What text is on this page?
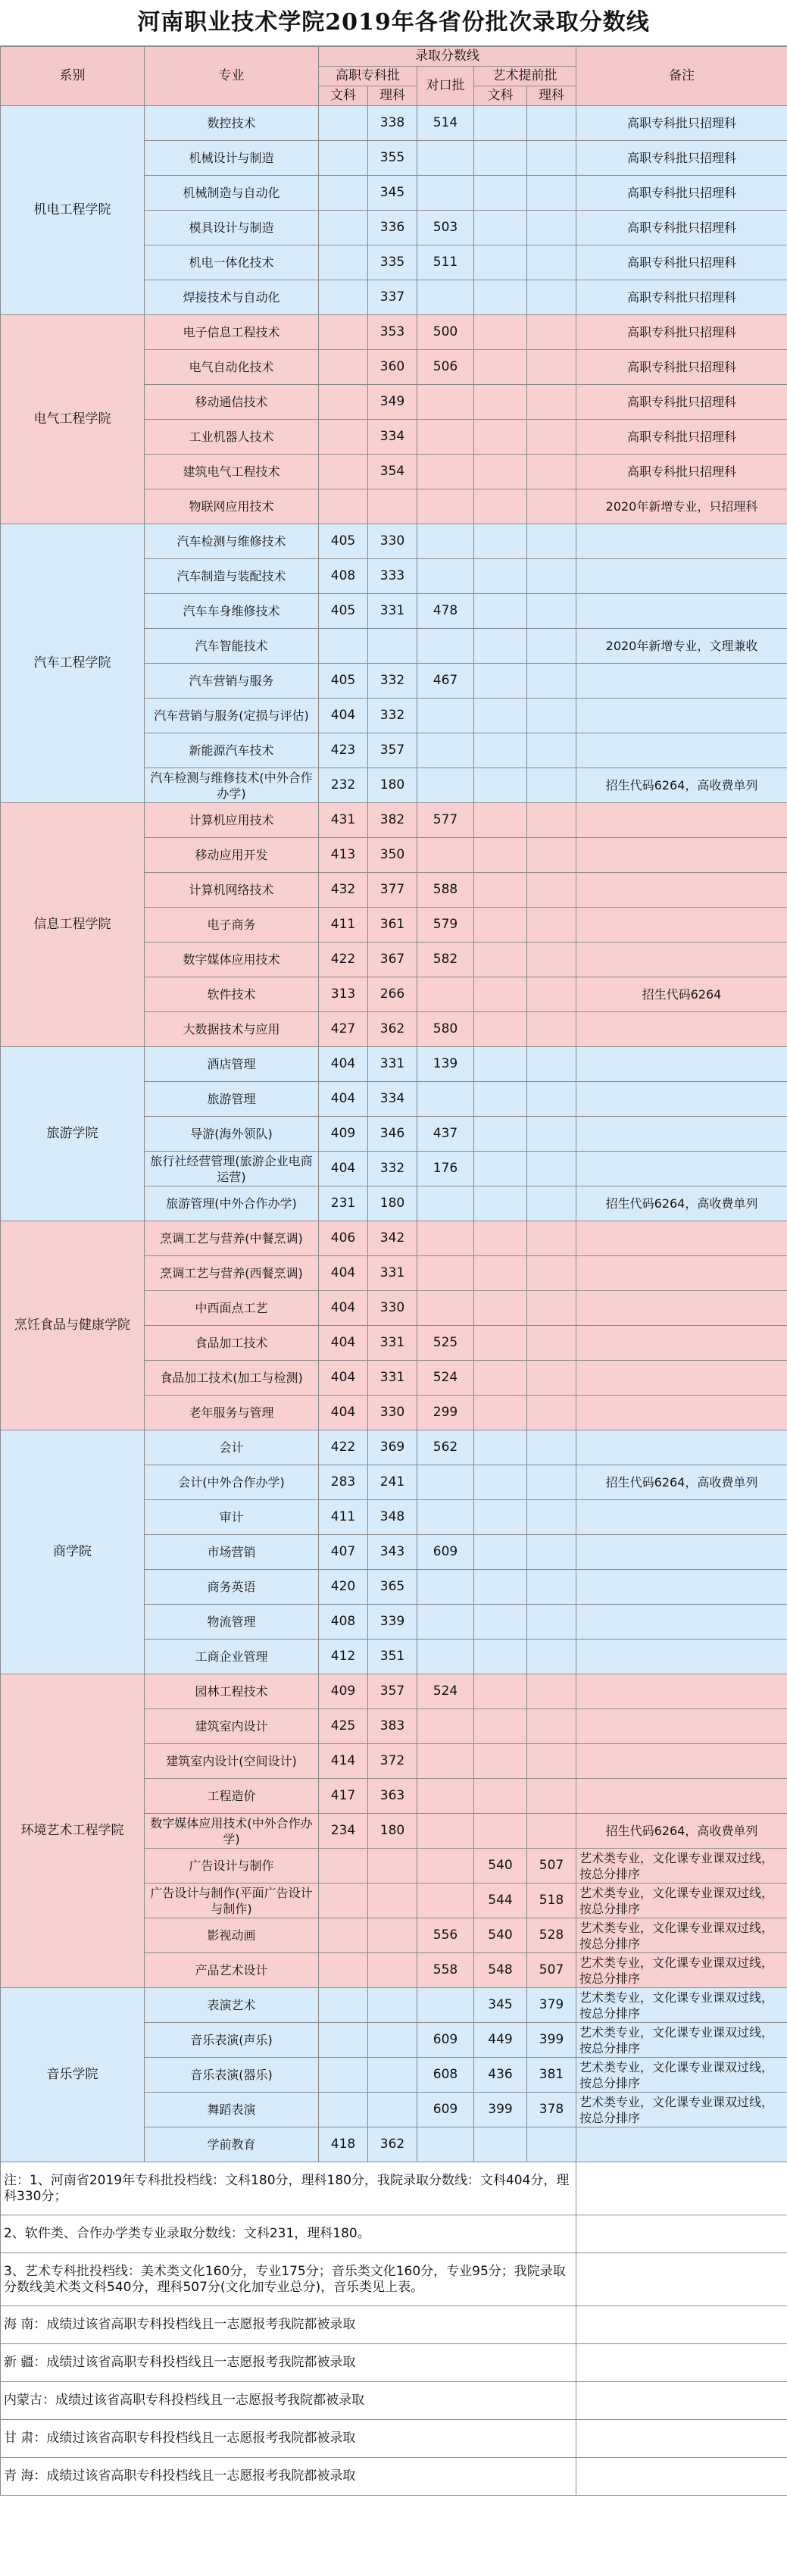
河南职业技术学院2019年各省份批次录取分数线
系别	专业	录取分数线					备注
		高职专科批		对口批	艺术提前批		
		文科	理科		文科	理科	
机电工程学院	数控技术		338	514			高职专科批只招理科
	机械设计与制造		355				高职专科批只招理科
	机械制造与自动化		345				高职专科批只招理科
	模具设计与制造		336	503			高职专科批只招理科
	机电一体化技术		335	511			高职专科批只招理科
	焊接技术与自动化		337				高职专科批只招理科
电气工程学院	电子信息工程技术		353	500			高职专科批只招理科
	电气自动化技术		360	506			高职专科批只招理科
	移动通信技术		349				高职专科批只招理科
	工业机器人技术		334				高职专科批只招理科
	建筑电气工程技术		354				高职专科批只招理科
	物联网应用技术						2020年新增专业，只招理科
汽车工程学院	汽车检测与维修技术	405	330				
	汽车制造与装配技术	408	333				
	汽车车身维修技术	405	331	478			
	汽车智能技术						2020年新增专业，文理兼收
	汽车营销与服务	405	332	467			
	汽车营销与服务(定损与评估)	404	332				
	新能源汽车技术	423	357				
	汽车检测与维修技术(中外合作办学)	232	180				招生代码6264，高收费单列
信息工程学院	计算机应用技术	431	382	577			
	移动应用开发	413	350				
	计算机网络技术	432	377	588			
	电子商务	411	361	579			
	数字媒体应用技术	422	367	582			
	软件技术	313	266				招生代码6264
	大数据技术与应用	427	362	580			
旅游学院	酒店管理	404	331	139			
	旅游管理	404	334				
	导游(海外领队)	409	346	437			
	旅行社经营管理(旅游企业电商运营)	404	332	176			
	旅游管理(中外合作办学)	231	180				招生代码6264，高收费单列
烹饪食品与健康学院	烹调工艺与营养(中餐烹调)	406	342				
	烹调工艺与营养(西餐烹调)	404	331				
	中西面点工艺	404	330				
	食品加工技术	404	331	525			
	食品加工技术(加工与检测)	404	331	524			
	老年服务与管理	404	330	299			
商学院	会计	422	369	562			
	会计(中外合作办学)	283	241				招生代码6264，高收费单列
	审计	411	348				
	市场营销	407	343	609			
	商务英语	420	365				
	物流管理	408	339				
	工商企业管理	412	351				
环境艺术工程学院	园林工程技术	409	357	524			
	建筑室内设计	425	383				
	建筑室内设计(空间设计)	414	372				
	工程造价	417	363				
	数字媒体应用技术(中外合作办学)	234	180				招生代码6264，高收费单列
	广告设计与制作				540	507	艺术类专业，文化课专业课双过线，按总分排序
	广告设计与制作(平面广告设计与制作)				544	518	艺术类专业，文化课专业课双过线，按总分排序
	影视动画			556	540	528	艺术类专业，文化课专业课双过线，按总分排序
	产品艺术设计			558	548	507	艺术类专业，文化课专业课双过线，按总分排序
音乐学院	表演艺术				345	379	艺术类专业，文化课专业课双过线，按总分排序
	音乐表演(声乐)			609	449	399	艺术类专业，文化课专业课双过线，按总分排序
	音乐表演(器乐)			608	436	381	艺术类专业，文化课专业课双过线，按总分排序
	舞蹈表演			609	399	378	艺术类专业，文化课专业课双过线，按总分排序
	学前教育	418	362				
注：1、河南省2019年专科批投档线：文科180分，理科180分，我院录取分数线：文科404分，理科330分；							
2、软件类、合作办学类专业录取分数线：文科231，理科180。							
3、艺术专科批投档线：美术类文化160分，专业175分；音乐类文化160分，专业95分；我院录取分数线美术类文科540分，理科507分(文化加专业总分)，音乐类见上表。							
海 南：成绩过该省高职专科投档线且一志愿报考我院都被录取							
新 疆：成绩过该省高职专科投档线且一志愿报考我院都被录取							
内蒙古：成绩过该省高职专科投档线且一志愿报考我院都被录取							
甘 肃：成绩过该省高职专科投档线且一志愿报考我院都被录取							
青 海：成绩过该省高职专科投档线且一志愿报考我院都被录取							
